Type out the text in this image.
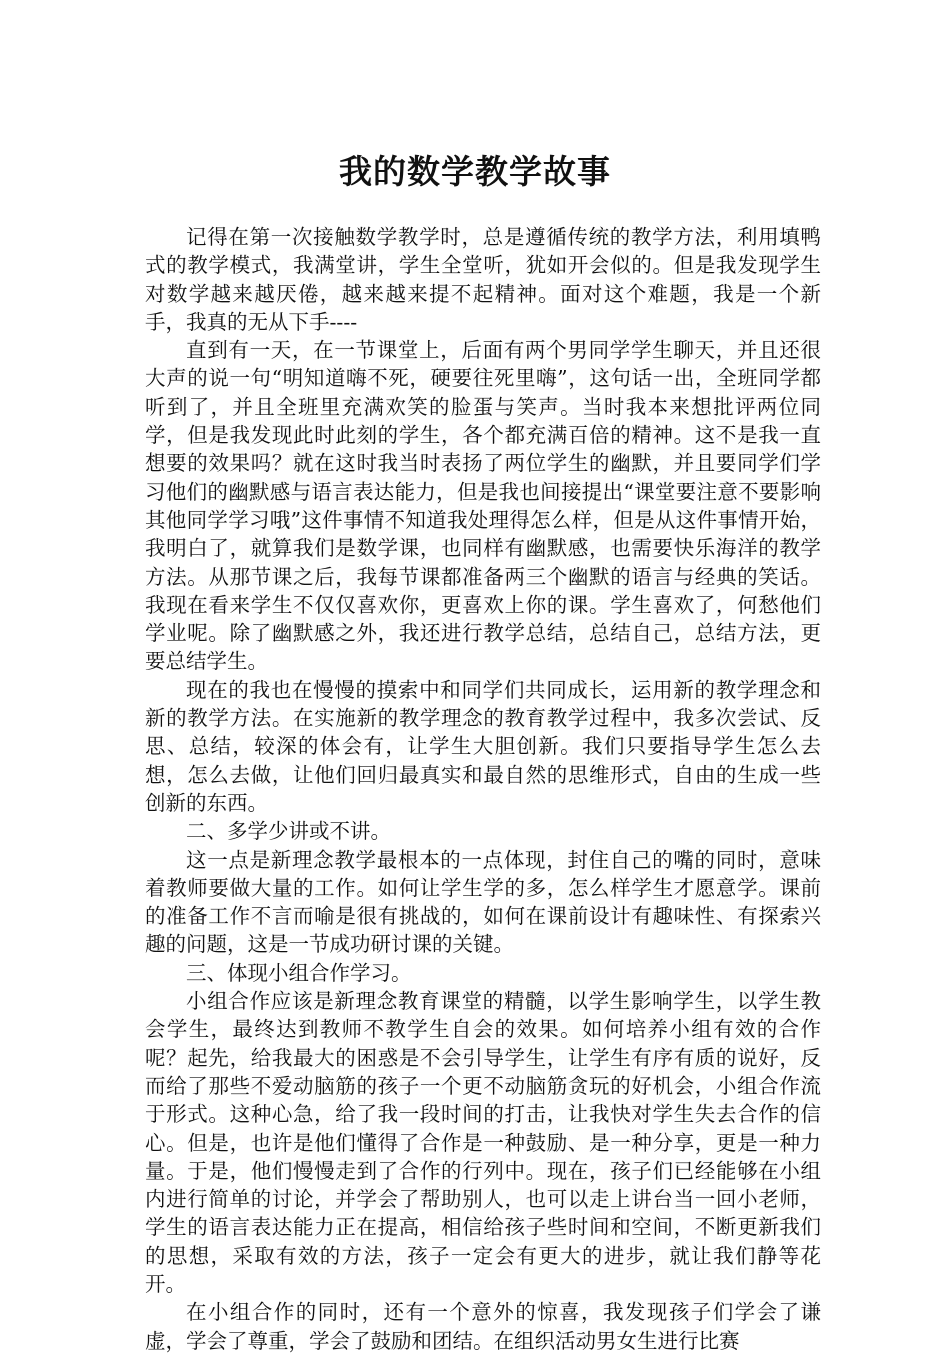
我的数学教学故事

记得在第一次接触数学教学时，总是遵循传统的教学方法，利用填鸭式的教学模式，我满堂讲，学生全堂听，犹如开会似的。但是我发现学生对数学越来越厌倦，越来越来提不起精神。面对这个难题，我是一个新手，我真的无从下手----

直到有一天，在一节课堂上，后面有两个男同学学生聊天，并且还很大声的说一句“明知道嗨不死，硬要往死里嗨”，这句话一出，全班同学都听到了，并且全班里充满欢笑的脸蛋与笑声。当时我本来想批评两位同学，但是我发现此时此刻的学生，各个都充满百倍的精神。这不是我一直想要的效果吗？就在这时我当时表扬了两位学生的幽默，并且要同学们学习他们的幽默感与语言表达能力，但是我也间接提出“课堂要注意不要影响其他同学学习哦”这件事情不知道我处理得怎么样，但是从这件事情开始，我明白了，就算我们是数学课，也同样有幽默感，也需要快乐海洋的教学方法。从那节课之后，我每节课都准备两三个幽默的语言与经典的笑话。我现在看来学生不仅仅喜欢你，更喜欢上你的课。学生喜欢了，何愁他们学业呢。除了幽默感之外，我还进行教学总结，总结自己，总结方法，更要总结学生。

现在的我也在慢慢的摸索中和同学们共同成长，运用新的教学理念和新的教学方法。在实施新的教学理念的教育教学过程中，我多次尝试、反思、总结，较深的体会有，让学生大胆创新。我们只要指导学生怎么去想，怎么去做，让他们回归最真实和最自然的思维形式，自由的生成一些创新的东西。

二、多学少讲或不讲。

这一点是新理念教学最根本的一点体现，封住自己的嘴的同时，意味着教师要做大量的工作。如何让学生学的多，怎么样学生才愿意学。课前的准备工作不言而喻是很有挑战的，如何在课前设计有趣味性、有探索兴趣的问题，这是一节成功研讨课的关键。

三、体现小组合作学习。

小组合作应该是新理念教育课堂的精髓，以学生影响学生，以学生教会学生，最终达到教师不教学生自会的效果。如何培养小组有效的合作呢？起先，给我最大的困惑是不会引导学生，让学生有序有质的说好，反而给了那些不爱动脑筋的孩子一个更不动脑筋贪玩的好机会，小组合作流于形式。这种心急，给了我一段时间的打击，让我快对学生失去合作的信心。但是，也许是他们懂得了合作是一种鼓励、是一种分享，更是一种力量。于是，他们慢慢走到了合作的行列中。现在，孩子们已经能够在小组内进行简单的讨论，并学会了帮助别人，也可以走上讲台当一回小老师，学生的语言表达能力正在提高，相信给孩子些时间和空间，不断更新我们的思想，采取有效的方法，孩子一定会有更大的进步，就让我们静等花开。

在小组合作的同时，还有一个意外的惊喜，我发现孩子们学会了谦虚，学会了尊重，学会了鼓励和团结。在组织活动男女生进行比赛
